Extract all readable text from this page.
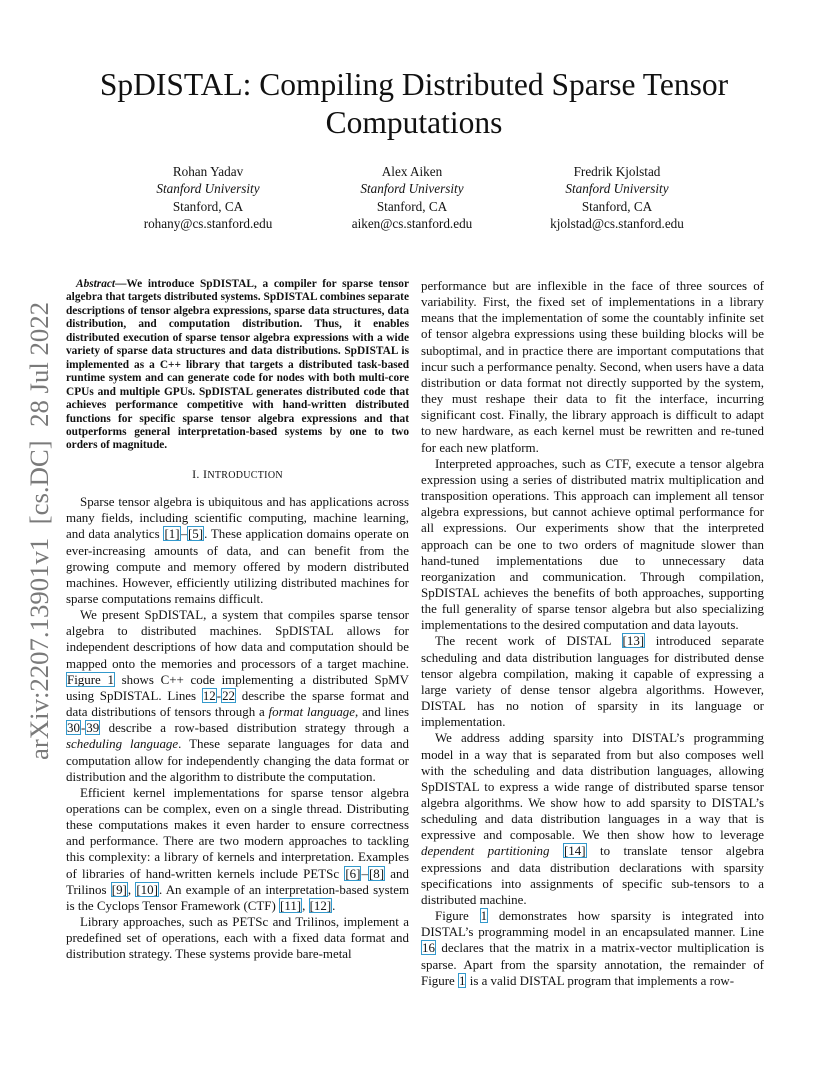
SpDISTAL: Compiling Distributed Sparse Tensor Computations
Rohan Yadav
Stanford University
Stanford, CA
rohany@cs.stanford.edu
Alex Aiken
Stanford University
Stanford, CA
aiken@cs.stanford.edu
Fredrik Kjolstad
Stanford University
Stanford, CA
kjolstad@cs.stanford.edu
arXiv:2207.13901v1  [cs.DC]  28 Jul 2022

Abstract—We introduce SpDISTAL, a compiler for sparse tensor algebra that targets distributed systems. SpDISTAL combines separate descriptions of tensor algebra expressions, sparse data structures, data distribution, and computation distribution. Thus, it enables distributed execution of sparse tensor algebra expressions with a wide variety of sparse data structures and data distributions. SpDISTAL is implemented as a C++ library that targets a distributed task-based runtime system and can generate code for nodes with both multi-core CPUs and multiple GPUs. SpDISTAL generates distributed code that achieves performance competitive with hand-written distributed functions for specific sparse tensor algebra expressions and that outperforms general interpretation-based systems by one to two orders of magnitude.

I. INTRODUCTION

Sparse tensor algebra is ubiquitous and has applications across many fields, including scientific computing, machine learning, and data analytics [1]–[5]. These application domains operate on ever-increasing amounts of data, and can benefit from the growing compute and memory offered by modern distributed machines. However, efficiently utilizing distributed machines for sparse computations remains difficult.

We present SpDISTAL, a system that compiles sparse tensor algebra to distributed machines. SpDISTAL allows for independent descriptions of how data and computation should be mapped onto the memories and processors of a target machine. Figure 1 shows C++ code implementing a distributed SpMV using SpDISTAL. Lines 12-22 describe the sparse format and data distributions of tensors through a format language, and lines 30-39 describe a row-based distribution strategy through a scheduling language. These separate languages for data and computation allow for independently changing the data format or distribution and the algorithm to distribute the computation.

Efficient kernel implementations for sparse tensor algebra operations can be complex, even on a single thread. Distributing these computations makes it even harder to ensure correctness and performance. There are two modern approaches to tackling this complexity: a library of kernels and interpretation. Examples of libraries of hand-written kernels include PETSc [6]–[8] and Trilinos [9], [10]. An example of an interpretation-based system is the Cyclops Tensor Framework (CTF) [11], [12].

Library approaches, such as PETSc and Trilinos, implement a predefined set of operations, each with a fixed data format and distribution strategy. These systems provide bare-metal

performance but are inflexible in the face of three sources of variability. First, the fixed set of implementations in a library means that the implementation of some the countably infinite set of tensor algebra expressions using these building blocks will be suboptimal, and in practice there are important computations that incur such a performance penalty. Second, when users have a data distribution or data format not directly supported by the system, they must reshape their data to fit the interface, incurring significant cost. Finally, the library approach is difficult to adapt to new hardware, as each kernel must be rewritten and re-tuned for each new platform.

Interpreted approaches, such as CTF, execute a tensor algebra expression using a series of distributed matrix multiplication and transposition operations. This approach can implement all tensor algebra expressions, but cannot achieve optimal performance for all expressions. Our experiments show that the interpreted approach can be one to two orders of magnitude slower than hand-tuned implementations due to unnecessary data reorganization and communication. Through compilation, SpDISTAL achieves the benefits of both approaches, supporting the full generality of sparse tensor algebra but also specializing implementations to the desired computation and data layouts.

The recent work of DISTAL [13] introduced separate scheduling and data distribution languages for distributed dense tensor algebra compilation, making it capable of expressing a large variety of dense tensor algebra algorithms. However, DISTAL has no notion of sparsity in its language or implementation.

We address adding sparsity into DISTAL’s programming model in a way that is separated from but also composes well with the scheduling and data distribution languages, allowing SpDISTAL to express a wide range of distributed sparse tensor algebra algorithms. We show how to add sparsity to DISTAL’s scheduling and data distribution languages in a way that is expressive and composable. We then show how to leverage dependent partitioning [14] to translate tensor algebra expressions and data distribution declarations with sparsity specifications into assignments of specific sub-tensors to a distributed machine.

Figure 1 demonstrates how sparsity is integrated into DISTAL’s programming model in an encapsulated manner. Line 16 declares that the matrix in a matrix-vector multiplication is sparse. Apart from the sparsity annotation, the remainder of Figure 1 is a valid DISTAL program that implements a row-
